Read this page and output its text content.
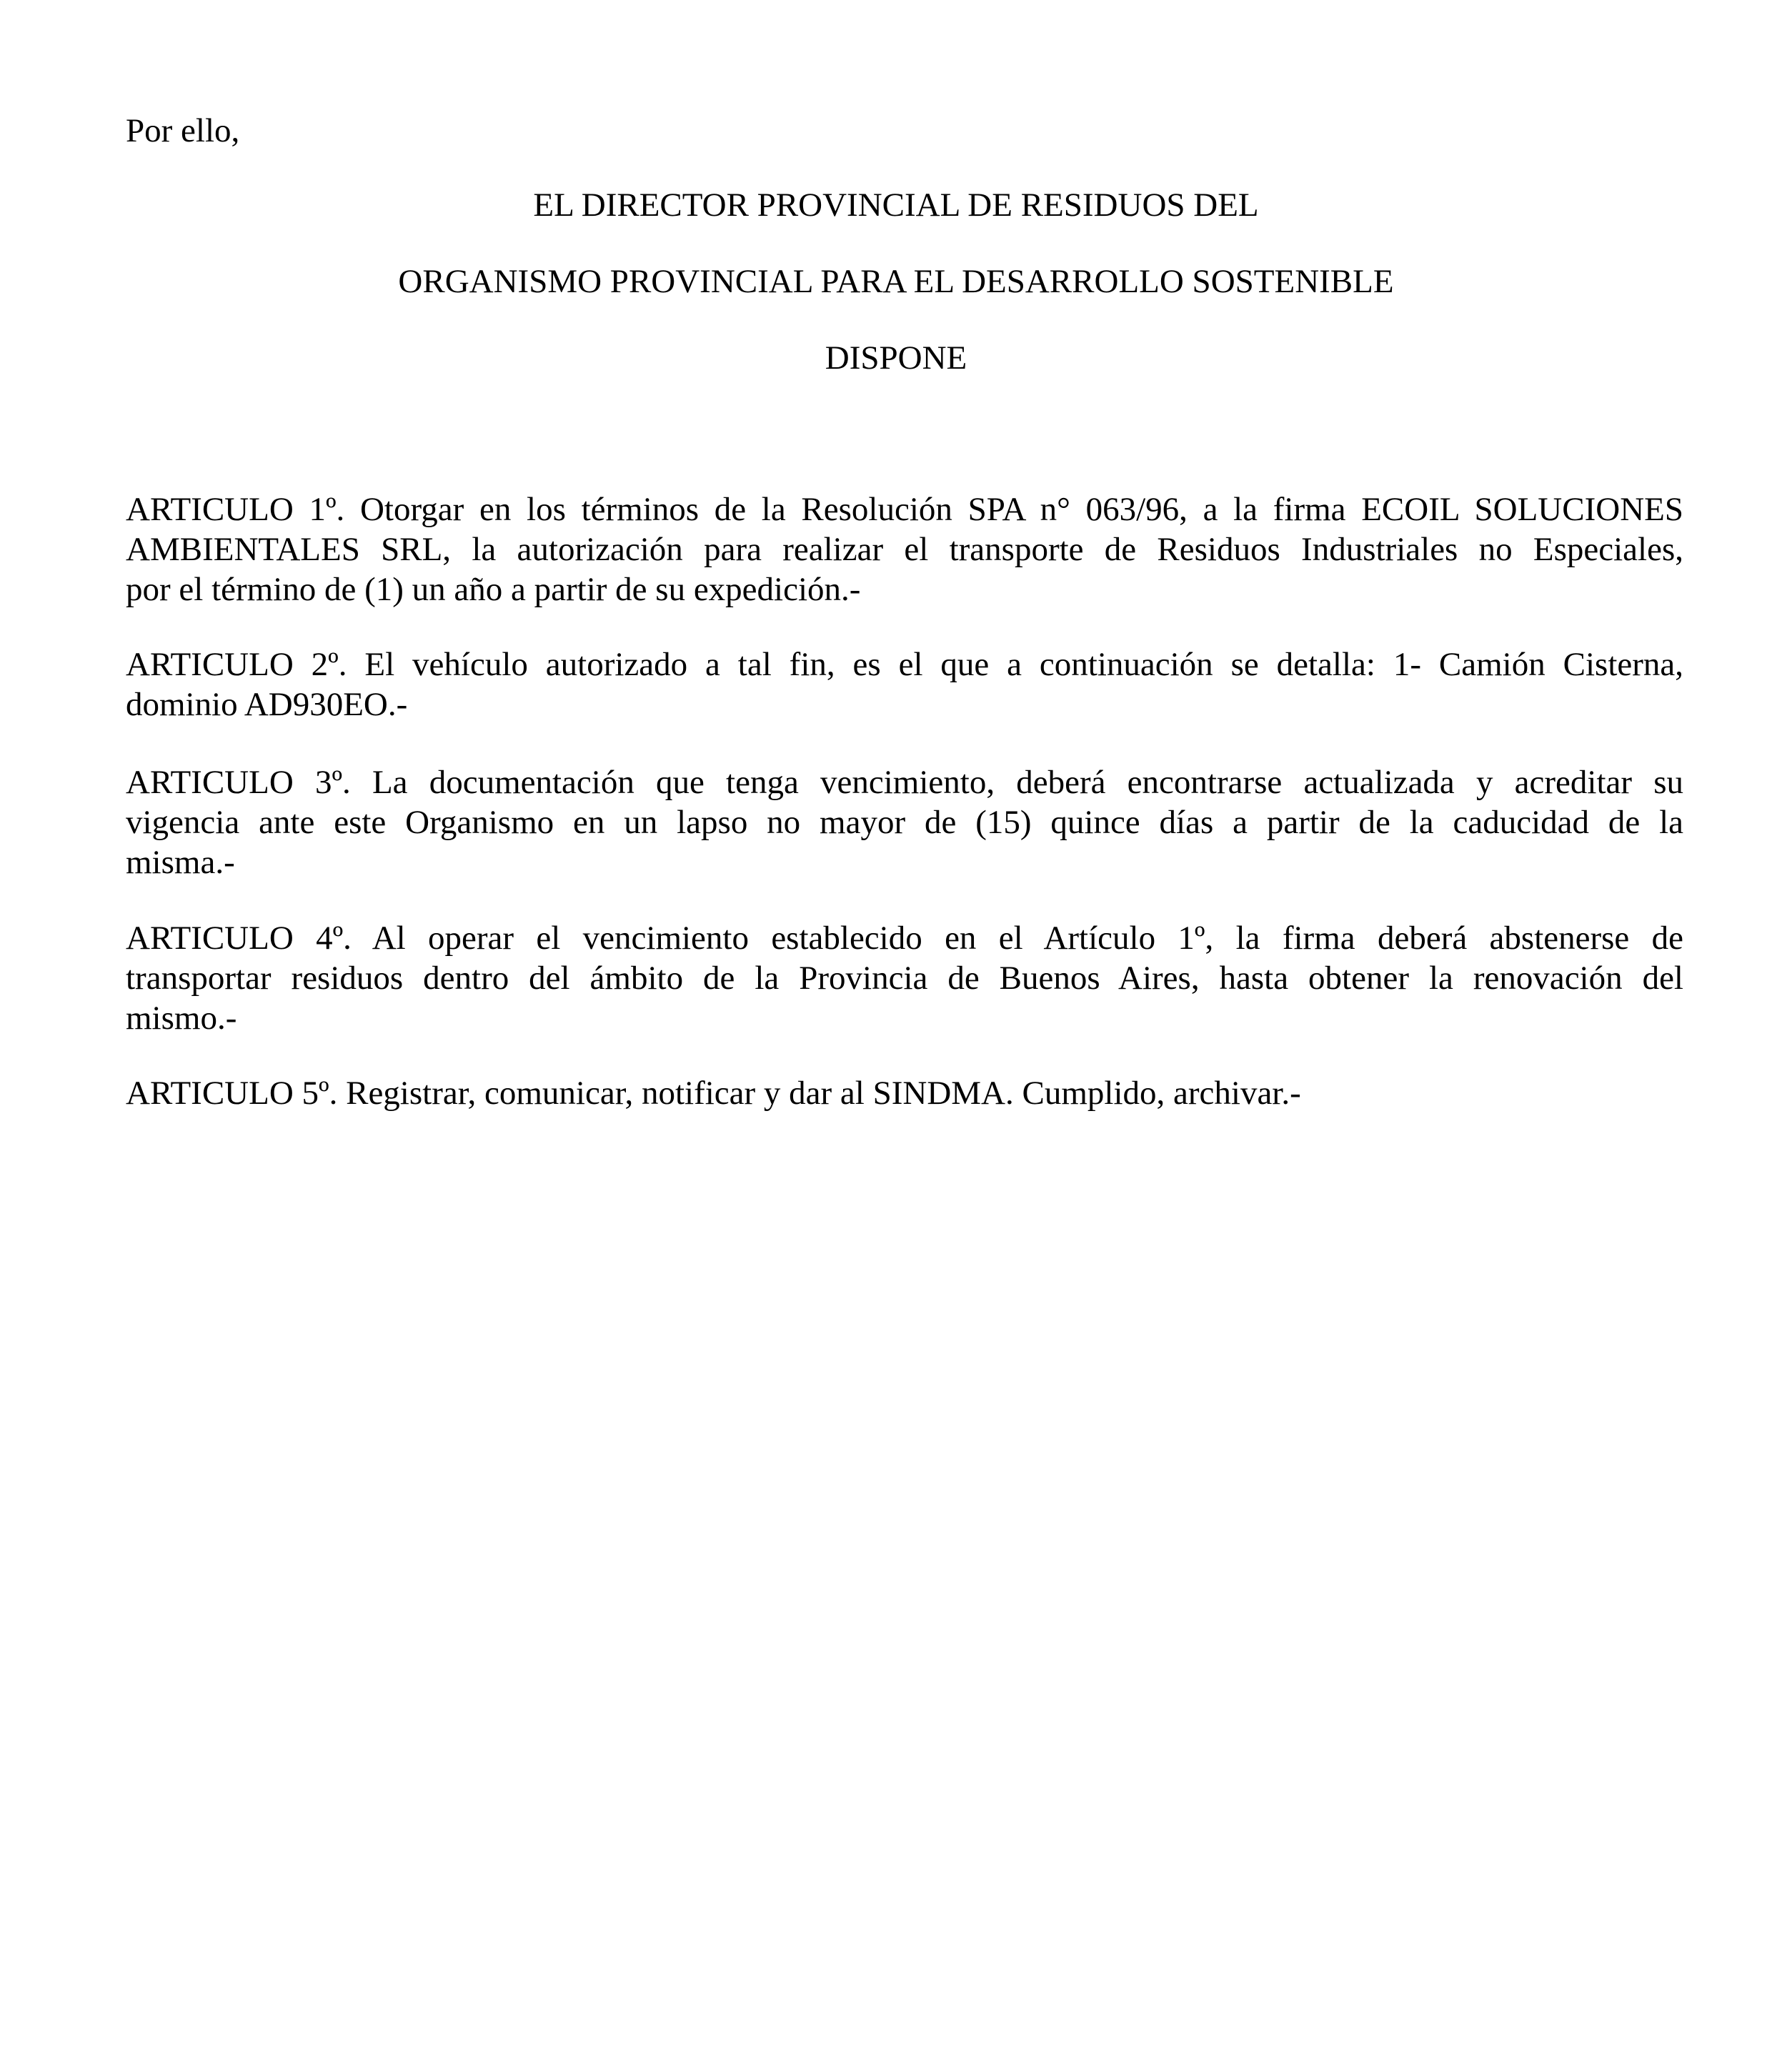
Por ello,

EL DIRECTOR PROVINCIAL DE RESIDUOS DEL

ORGANISMO PROVINCIAL PARA EL DESARROLLO SOSTENIBLE

DISPONE

ARTICULO 1º. Otorgar en los términos de la Resolución SPA n° 063/96, a la firma ECOIL SOLUCIONES
AMBIENTALES SRL, la autorización para realizar el transporte de Residuos Industriales no Especiales,
por el término de (1) un año a partir de su expedición.-
ARTICULO 2º. El vehículo autorizado a tal fin, es el que a continuación se detalla: 1- Camión Cisterna,
dominio AD930EO.-
ARTICULO 3º. La documentación que tenga vencimiento, deberá encontrarse actualizada y acreditar su
vigencia ante este Organismo en un lapso no mayor de (15) quince días a partir de la caducidad de la
misma.-
ARTICULO 4º. Al operar el vencimiento establecido en el Artículo 1º, la firma deberá abstenerse de
transportar residuos dentro del ámbito de la Provincia de Buenos Aires, hasta obtener la renovación del
mismo.-
ARTICULO 5º. Registrar, comunicar, notificar y dar al SINDMA. Cumplido, archivar.-
